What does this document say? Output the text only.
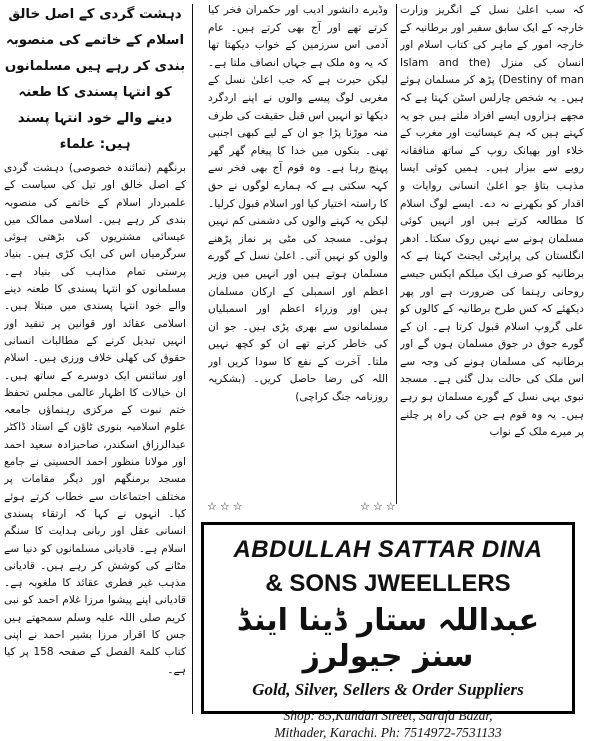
کہ سب اعلیٰ نسل کے انگریز وزارت خارجہ کے ایک سابق سفیر اور برطانیہ کے خارجہ امور کے ماہر کی کتاب اسلام اور انسان کی منزل (Islam and the Destiny of man) پڑھ کر مسلمان ہوئے ہیں۔ یہ شخص چارلس اسٹن کہتا ہے کہ مجھے ہزاروں ایسے افراد ملتے ہیں جو یہ کہتے ہیں کہ ہم عیسائیت اور مغرب کے خلاء اور بھیانک روپ کے ساتھ منافقانہ رویے سے بیزار ہیں۔ ہمیں کوئی ایسا مذہب بتاؤ جو اعلیٰ انسانی روایات و اقدار کو بکھرنے نہ دے۔ ایسے لوگ اسلام کا مطالعہ کرتے ہیں اور انہیں کوئی مسلمان ہونے سے نہیں روک سکتا۔ ادھر انگلستان کی پراپرٹی ایجنٹ کہتا ہے کہ برطانیہ کو صرف ایک میلکم ایکس جیسے روحانی رہنما کی ضرورت ہے اور پھر دیکھئے کہ کس طرح برطانیہ کے کالوں کو علی گروپ اسلام قبول کرتا ہے۔ ان کے گورے جوق در جوق مسلمان ہوں گے اور برطانیہ کی مسلمان ہونے کی وجہ سے اس ملک کی حالت بدل گئی ہے۔ مسجد نبوی یہی نسل کے گورے مسلمان ہو رہے ہیں۔ یہ وہ قوم ہے جن کی راہ پر چلنے پر میرے ملک کے نواب

وڈیرے دانشور ادیب اور حکمران فخر کیا کرتے تھے اور آج بھی کرتے ہیں۔ عام آدمی اس سرزمین کے خواب دیکھتا تھا کہ یہ وہ ملک ہے جہاں انصاف ملتا ہے۔ لیکن حیرت ہے کہ جب اعلیٰ نسل کے مغربی لوگ پیسے والوں نے اپنے اردگرد دیکھا تو انہیں اس قبل حقیقت کی طرف منہ موڑنا پڑا جو ان کے لیے کبھی اجنبی تھی۔ بنکوں میں خدا کا پیغام گھر گھر پہنچ رہا ہے۔ وہ قوم آج بھی فخر سے کہہ سکتی ہے کہ ہمارے لوگوں نے حق کا راستہ اختیار کیا اور اسلام قبول کرلیا۔ لیکن یہ کہنے والوں کی دشمنی کم نہیں ہوئی۔ مسجد کی مٹی پر نماز پڑھنے والوں کو نہیں آتی۔ اعلیٰ نسل کے گورے مسلمان ہوتے ہیں اور انہیں میں وزیر اعظم اور اسمبلی کے ارکان مسلمان ہیں اور وزراء اعظم اور اسمبلیاں مسلمانوں سے بھری پڑی ہیں۔ جو ان کی خاطر کرتے تھے ان کو کچھ نہیں ملتا۔ آخرت کے نفع کا سودا کریں اور اللہ کی رضا حاصل کریں۔ (بشکریہ روزنامہ جنگ کراچی)

دہشت گردی کے اصل خالق اسلام کے خاتمے کی منصوبہ بندی کر رہے ہیں مسلمانوں کو انتہا پسندی کا طعنہ دینے والے خود انتہا پسند ہیں: علماء

برنگھم (نمائندہ خصوصی) دہشت گردی کے اصل خالق اور تیل کی سیاست کے علمبردار اسلام کے خاتمے کی منصوبہ بندی کر رہے ہیں۔ اسلامی ممالک میں عیسائی مشنریوں کی بڑھتی ہوئی سرگرمیاں اس کی ایک کڑی ہیں۔ بنیاد پرستی تمام مذاہب کی بنیاد ہے۔ مسلمانوں کو انتہا پسندی کا طعنہ دینے والے خود انتہا پسندی میں مبتلا ہیں۔ اسلامی عقائد اور قوانین پر تنقید اور انہیں تبدیل کرنے کے مطالبات انسانی حقوق کی کھلی خلاف ورزی ہیں۔ اسلام اور سائنس ایک دوسرے کے ساتھ ہیں۔ ان خیالات کا اظہار عالمی مجلس تحفظ ختم نبوت کے مرکزی رہنماؤں جامعہ علوم اسلامیہ بنوری ٹاؤن کے استاد ڈاکٹر عبدالرزاق اسکندر، صاحبزادہ سعید احمد اور مولانا منظور احمد الحسینی نے جامع مسجد برمنگھم اور دیگر مقامات پر مختلف اجتماعات سے خطاب کرتے ہوئے کیا۔ انہوں نے کہا کہ ارتقاء پسندی انسانی عقل اور ربانی ہدایت کا سنگم اسلام ہے۔ قادیانی مسلمانوں کو دنیا سے مٹانے کی کوشش کر رہے ہیں۔ قادیانی مذہب غیر فطری عقائد کا ملغوبہ ہے۔ قادیانی اپنے پیشوا مرزا غلام احمد کو نبی کریم صلی اللہ علیہ وسلم سمجھتے ہیں جس کا اقرار مرزا بشیر احمد نے اپنی کتاب کلمۃ الفصل کے صفحہ 158 پر کیا ہے۔

☆☆☆	☆☆☆
ABDULLAH SATTAR DINA
& SONS JWEELLERS
عبداللہ ستار ڈینا اینڈ سنز جیولرز
Gold, Silver, Sellers & Order Suppliers
Shop: 85,Kundan Street, Sarafa Bazar,
Mithader, Karachi. Ph: 7514972-7531133
